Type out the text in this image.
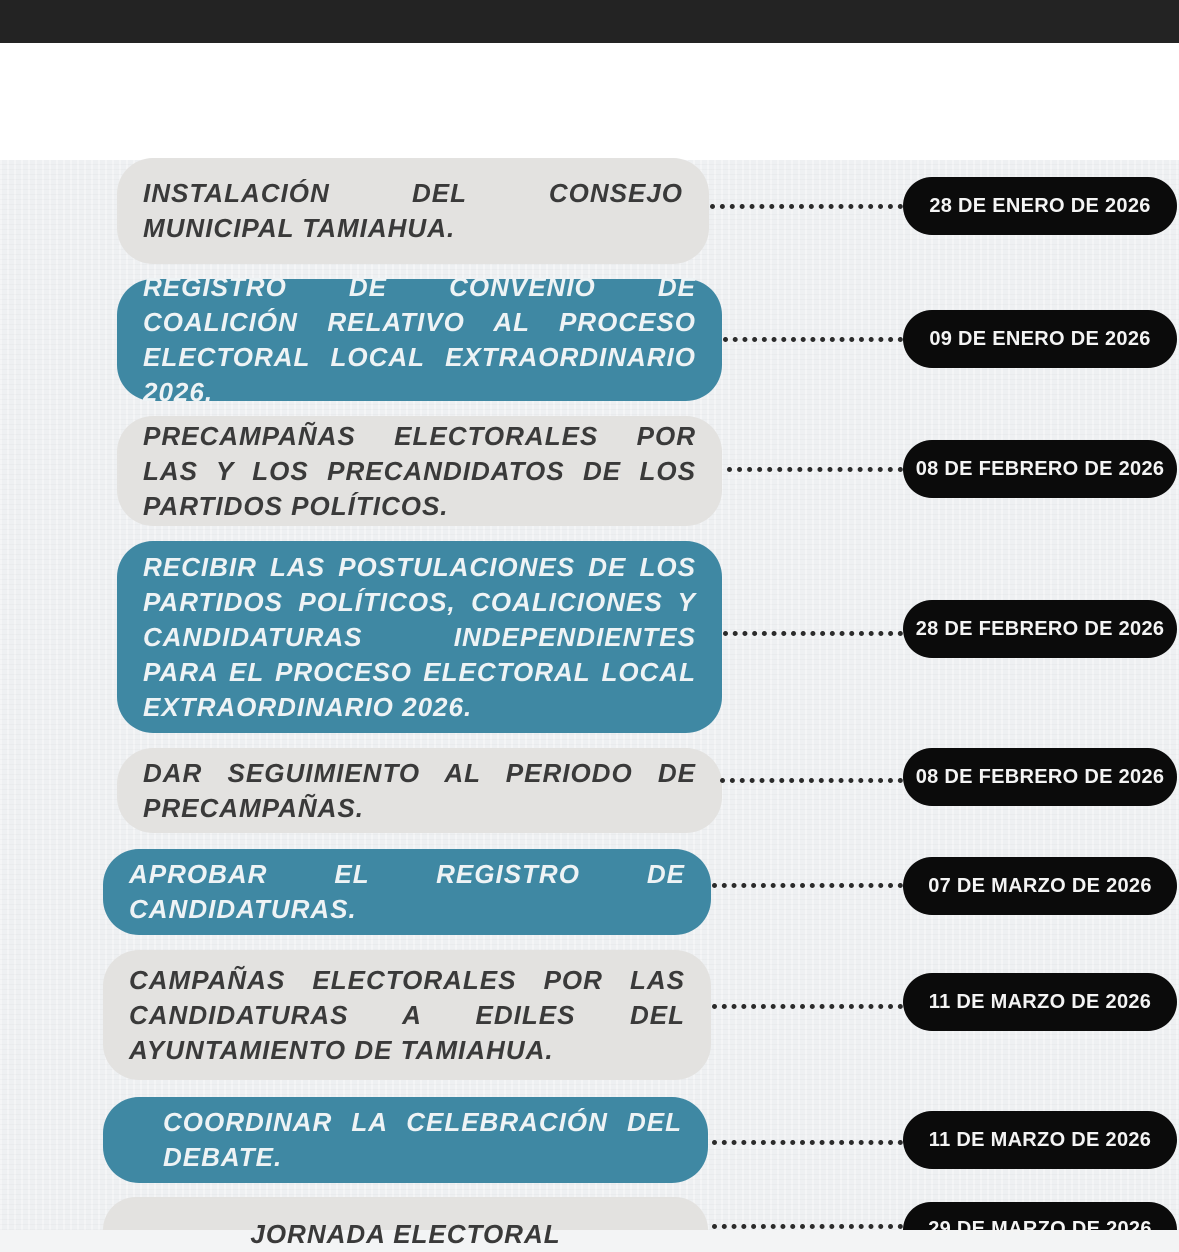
INSTALACIÓN DEL CONSEJO MUNICIPAL TAMIAHUA.
28 DE ENERO DE 2026
REGISTRO DE CONVENIO DE COALICIÓN RELATIVO AL PROCESO ELECTORAL LOCAL EXTRAORDINARIO 2026.
09 DE ENERO DE 2026
PRECAMPAÑAS ELECTORALES POR LAS Y LOS PRECANDIDATOS DE LOS PARTIDOS POLÍTICOS.
08 DE FEBRERO DE 2026
RECIBIR LAS POSTULACIONES DE LOS PARTIDOS POLÍTICOS, COALICIONES Y CANDIDATURAS INDEPENDIENTES PARA EL PROCESO ELECTORAL LOCAL EXTRAORDINARIO 2026.
28 DE FEBRERO DE 2026
DAR SEGUIMIENTO AL PERIODO DE PRECAMPAÑAS.
08 DE FEBRERO DE 2026
APROBAR EL REGISTRO DE CANDIDATURAS.
07 DE MARZO DE 2026
CAMPAÑAS ELECTORALES POR LAS CANDIDATURAS A EDILES DEL AYUNTAMIENTO DE TAMIAHUA.
11 DE MARZO DE 2026
COORDINAR LA CELEBRACIÓN DEL DEBATE.
11 DE MARZO DE 2026
JORNADA ELECTORAL	29 DE MARZO DE 2026
